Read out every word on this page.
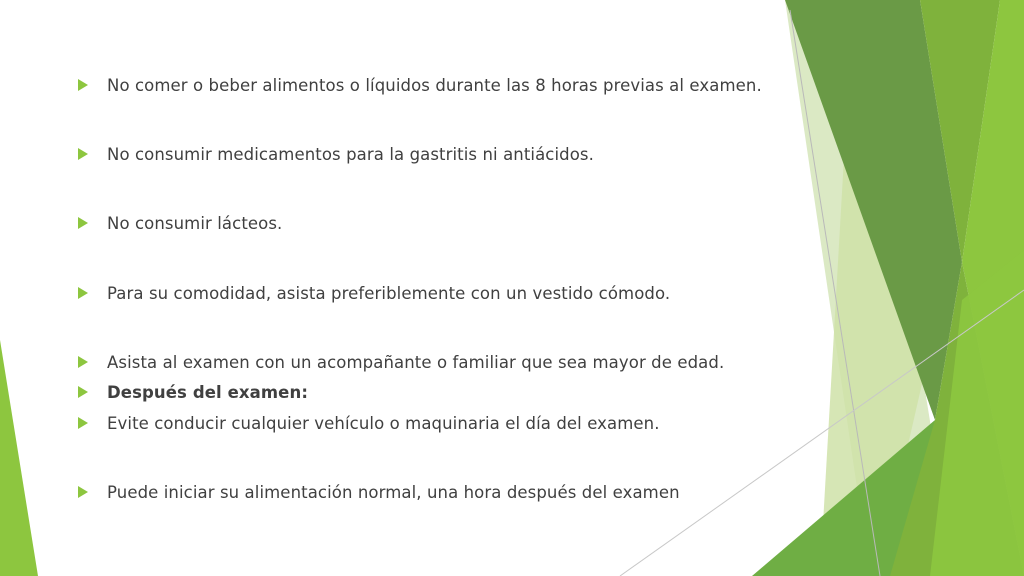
No comer o beber alimentos o líquidos durante las 8 horas previas al examen.
No consumir medicamentos para la gastritis ni antiácidos.
No consumir lácteos.
Para su comodidad, asista preferiblemente con un vestido cómodo.
Asista al examen con un acompañante o familiar que sea mayor de edad.
Después del examen:
Evite conducir cualquier vehículo o maquinaria el día del examen.
Puede iniciar su alimentación normal, una hora después del examen
